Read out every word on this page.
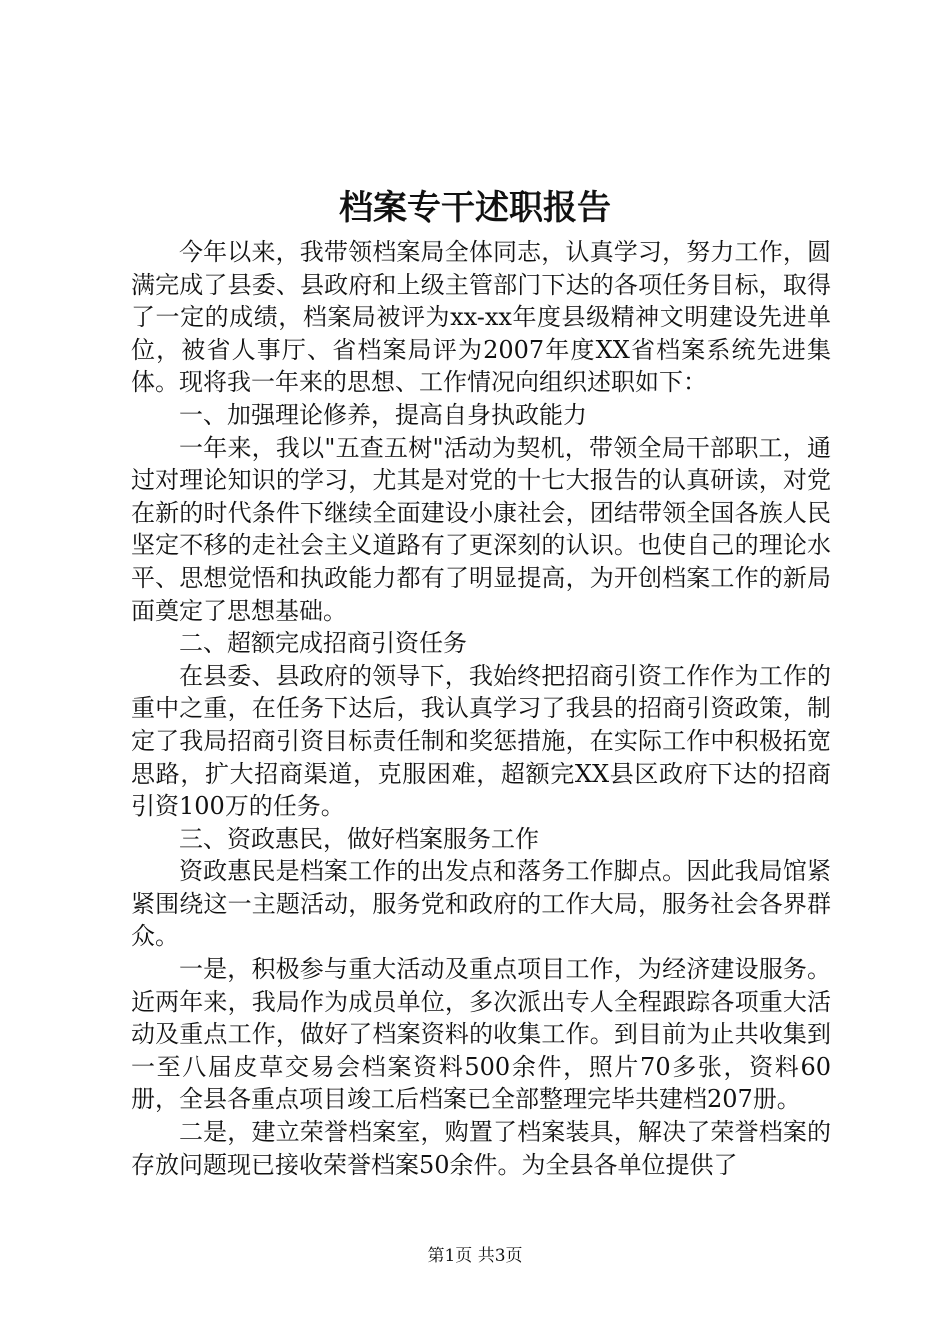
档案专干述职报告

今年以来，我带领档案局全体同志，认真学习，努力工作，圆满完成了县委、县政府和上级主管部门下达的各项任务目标，取得了一定的成绩，档案局被评为xx-xx年度县级精神文明建设先进单位，被省人事厅、省档案局评为2007年度XX省档案系统先进集体。现将我一年来的思想、工作情况向组织述职如下：

一、加强理论修养，提高自身执政能力

一年来，我以"五查五树"活动为契机，带领全局干部职工，通过对理论知识的学习，尤其是对党的十七大报告的认真研读，对党在新的时代条件下继续全面建设小康社会，团结带领全国各族人民坚定不移的走社会主义道路有了更深刻的认识。也使自己的理论水平、思想觉悟和执政能力都有了明显提高，为开创档案工作的新局面奠定了思想基础。

二、超额完成招商引资任务

在县委、县政府的领导下，我始终把招商引资工作作为工作的重中之重，在任务下达后，我认真学习了我县的招商引资政策，制定了我局招商引资目标责任制和奖惩措施，在实际工作中积极拓宽思路，扩大招商渠道，克服困难，超额完XX县区政府下达的招商引资100万的任务。

三、资政惠民，做好档案服务工作

资政惠民是档案工作的出发点和落务工作脚点。因此我局馆紧紧围绕这一主题活动，服务党和政府的工作大局，服务社会各界群众。

一是，积极参与重大活动及重点项目工作，为经济建设服务。近两年来，我局作为成员单位，多次派出专人全程跟踪各项重大活动及重点工作，做好了档案资料的收集工作。到目前为止共收集到一至八届皮草交易会档案资料500余件，照片70多张，资料60册，全县各重点项目竣工后档案已全部整理完毕共建档207册。

二是，建立荣誉档案室，购置了档案装具，解决了荣誉档案的存放问题现已接收荣誉档案50余件。为全县各单位提供了

第1页 共3页
